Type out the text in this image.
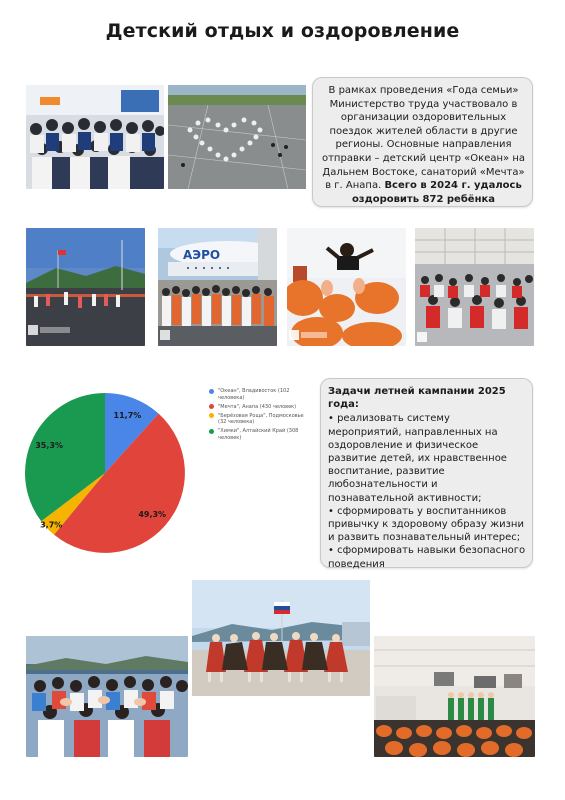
Детский отдых и оздоровление
В рамках проведения «Года семьи» Министерство труда участвовало в организации оздоровительных поездок жителей области в другие регионы. Основные направления отправки – детский центр «Океан» на Дальнем Востоке, санаторий «Мечта» в г. Анапа. Всего в 2024 г. удалось оздоровить 872 ребёнка
АЭРО
11,7%
49,3%
3,7%
35,3%
"Океан", Владивосток (102 человека)
"Мечта", Анапа (430 человек)
"Берёзовая Роща", Подмосковье (32 человека)
"Химки", Алтайский Край (308 человек)
Задачи летней кампании 2025 года:
• реализовать систему мероприятий, направленных на оздоровление и физическое развитие детей, их нравственное воспитание, развитие любознательности и познавательной активности;
• сформировать у воспитанников привычку к здоровому образу жизни и развить познавательный интерес;
• сформировать навыки безопасного поведения
